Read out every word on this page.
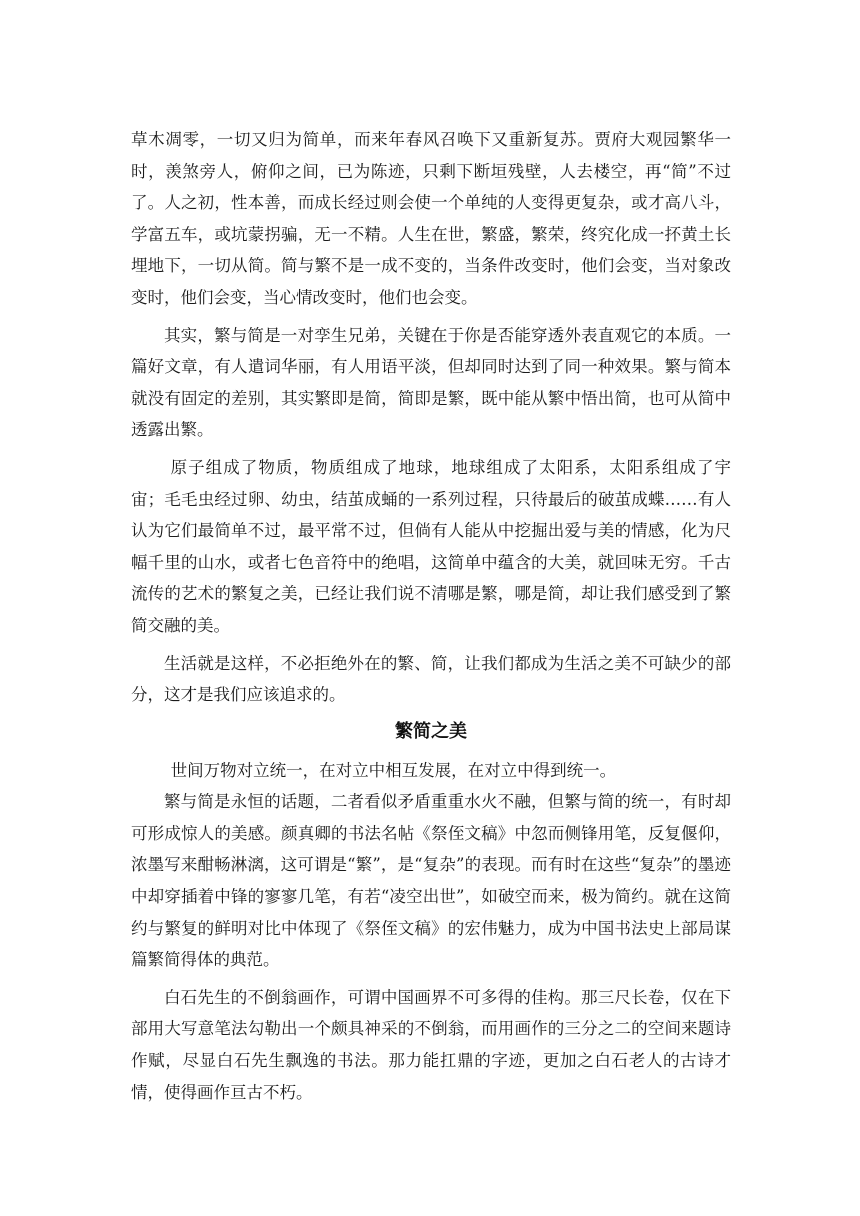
草木凋零，一切又归为简单，而来年春风召唤下又重新复苏。贾府大观园繁华一时，羡煞旁人，俯仰之间，已为陈迹，只剩下断垣残壁，人去楼空，再“简”不过了。人之初，性本善，而成长经过则会使一个单纯的人变得更复杂，或才高八斗，学富五车，或坑蒙拐骗，无一不精。人生在世，繁盛，繁荣，终究化成一抔黄土长埋地下，一切从简。简与繁不是一成不变的，当条件改变时，他们会变，当对象改变时，他们会变，当心情改变时，他们也会变。

其实，繁与简是一对孪生兄弟，关键在于你是否能穿透外表直观它的本质。一篇好文章，有人遣词华丽，有人用语平淡，但却同时达到了同一种效果。繁与简本就没有固定的差别，其实繁即是简，简即是繁，既中能从繁中悟出简，也可从简中透露出繁。

原子组成了物质，物质组成了地球，地球组成了太阳系，太阳系组成了宇宙；毛毛虫经过卵、幼虫，结茧成蛹的一系列过程，只待最后的破茧成蝶……有人认为它们最简单不过，最平常不过，但倘有人能从中挖掘出爱与美的情感，化为尺幅千里的山水，或者七色音符中的绝唱，这简单中蕴含的大美，就回味无穷。千古流传的艺术的繁复之美，已经让我们说不清哪是繁，哪是简，却让我们感受到了繁简交融的美。

生活就是这样，不必拒绝外在的繁、简，让我们都成为生活之美不可缺少的部分，这才是我们应该追求的。

繁简之美

世间万物对立统一，在对立中相互发展，在对立中得到统一。

繁与简是永恒的话题，二者看似矛盾重重水火不融，但繁与简的统一，有时却可形成惊人的美感。颜真卿的书法名帖《祭侄文稿》中忽而侧锋用笔，反复偃仰，浓墨写来酣畅淋漓，这可谓是“繁”，是“复杂”的表现。而有时在这些“复杂”的墨迹中却穿插着中锋的寥寥几笔，有若“凌空出世”，如破空而来，极为简约。就在这简约与繁复的鲜明对比中体现了《祭侄文稿》的宏伟魅力，成为中国书法史上部局谋篇繁简得体的典范。

白石先生的不倒翁画作，可谓中国画界不可多得的佳构。那三尺长卷，仅在下部用大写意笔法勾勒出一个颇具神采的不倒翁，而用画作的三分之二的空间来题诗作赋，尽显白石先生飘逸的书法。那力能扛鼎的字迹，更加之白石老人的古诗才情，使得画作亘古不朽。
